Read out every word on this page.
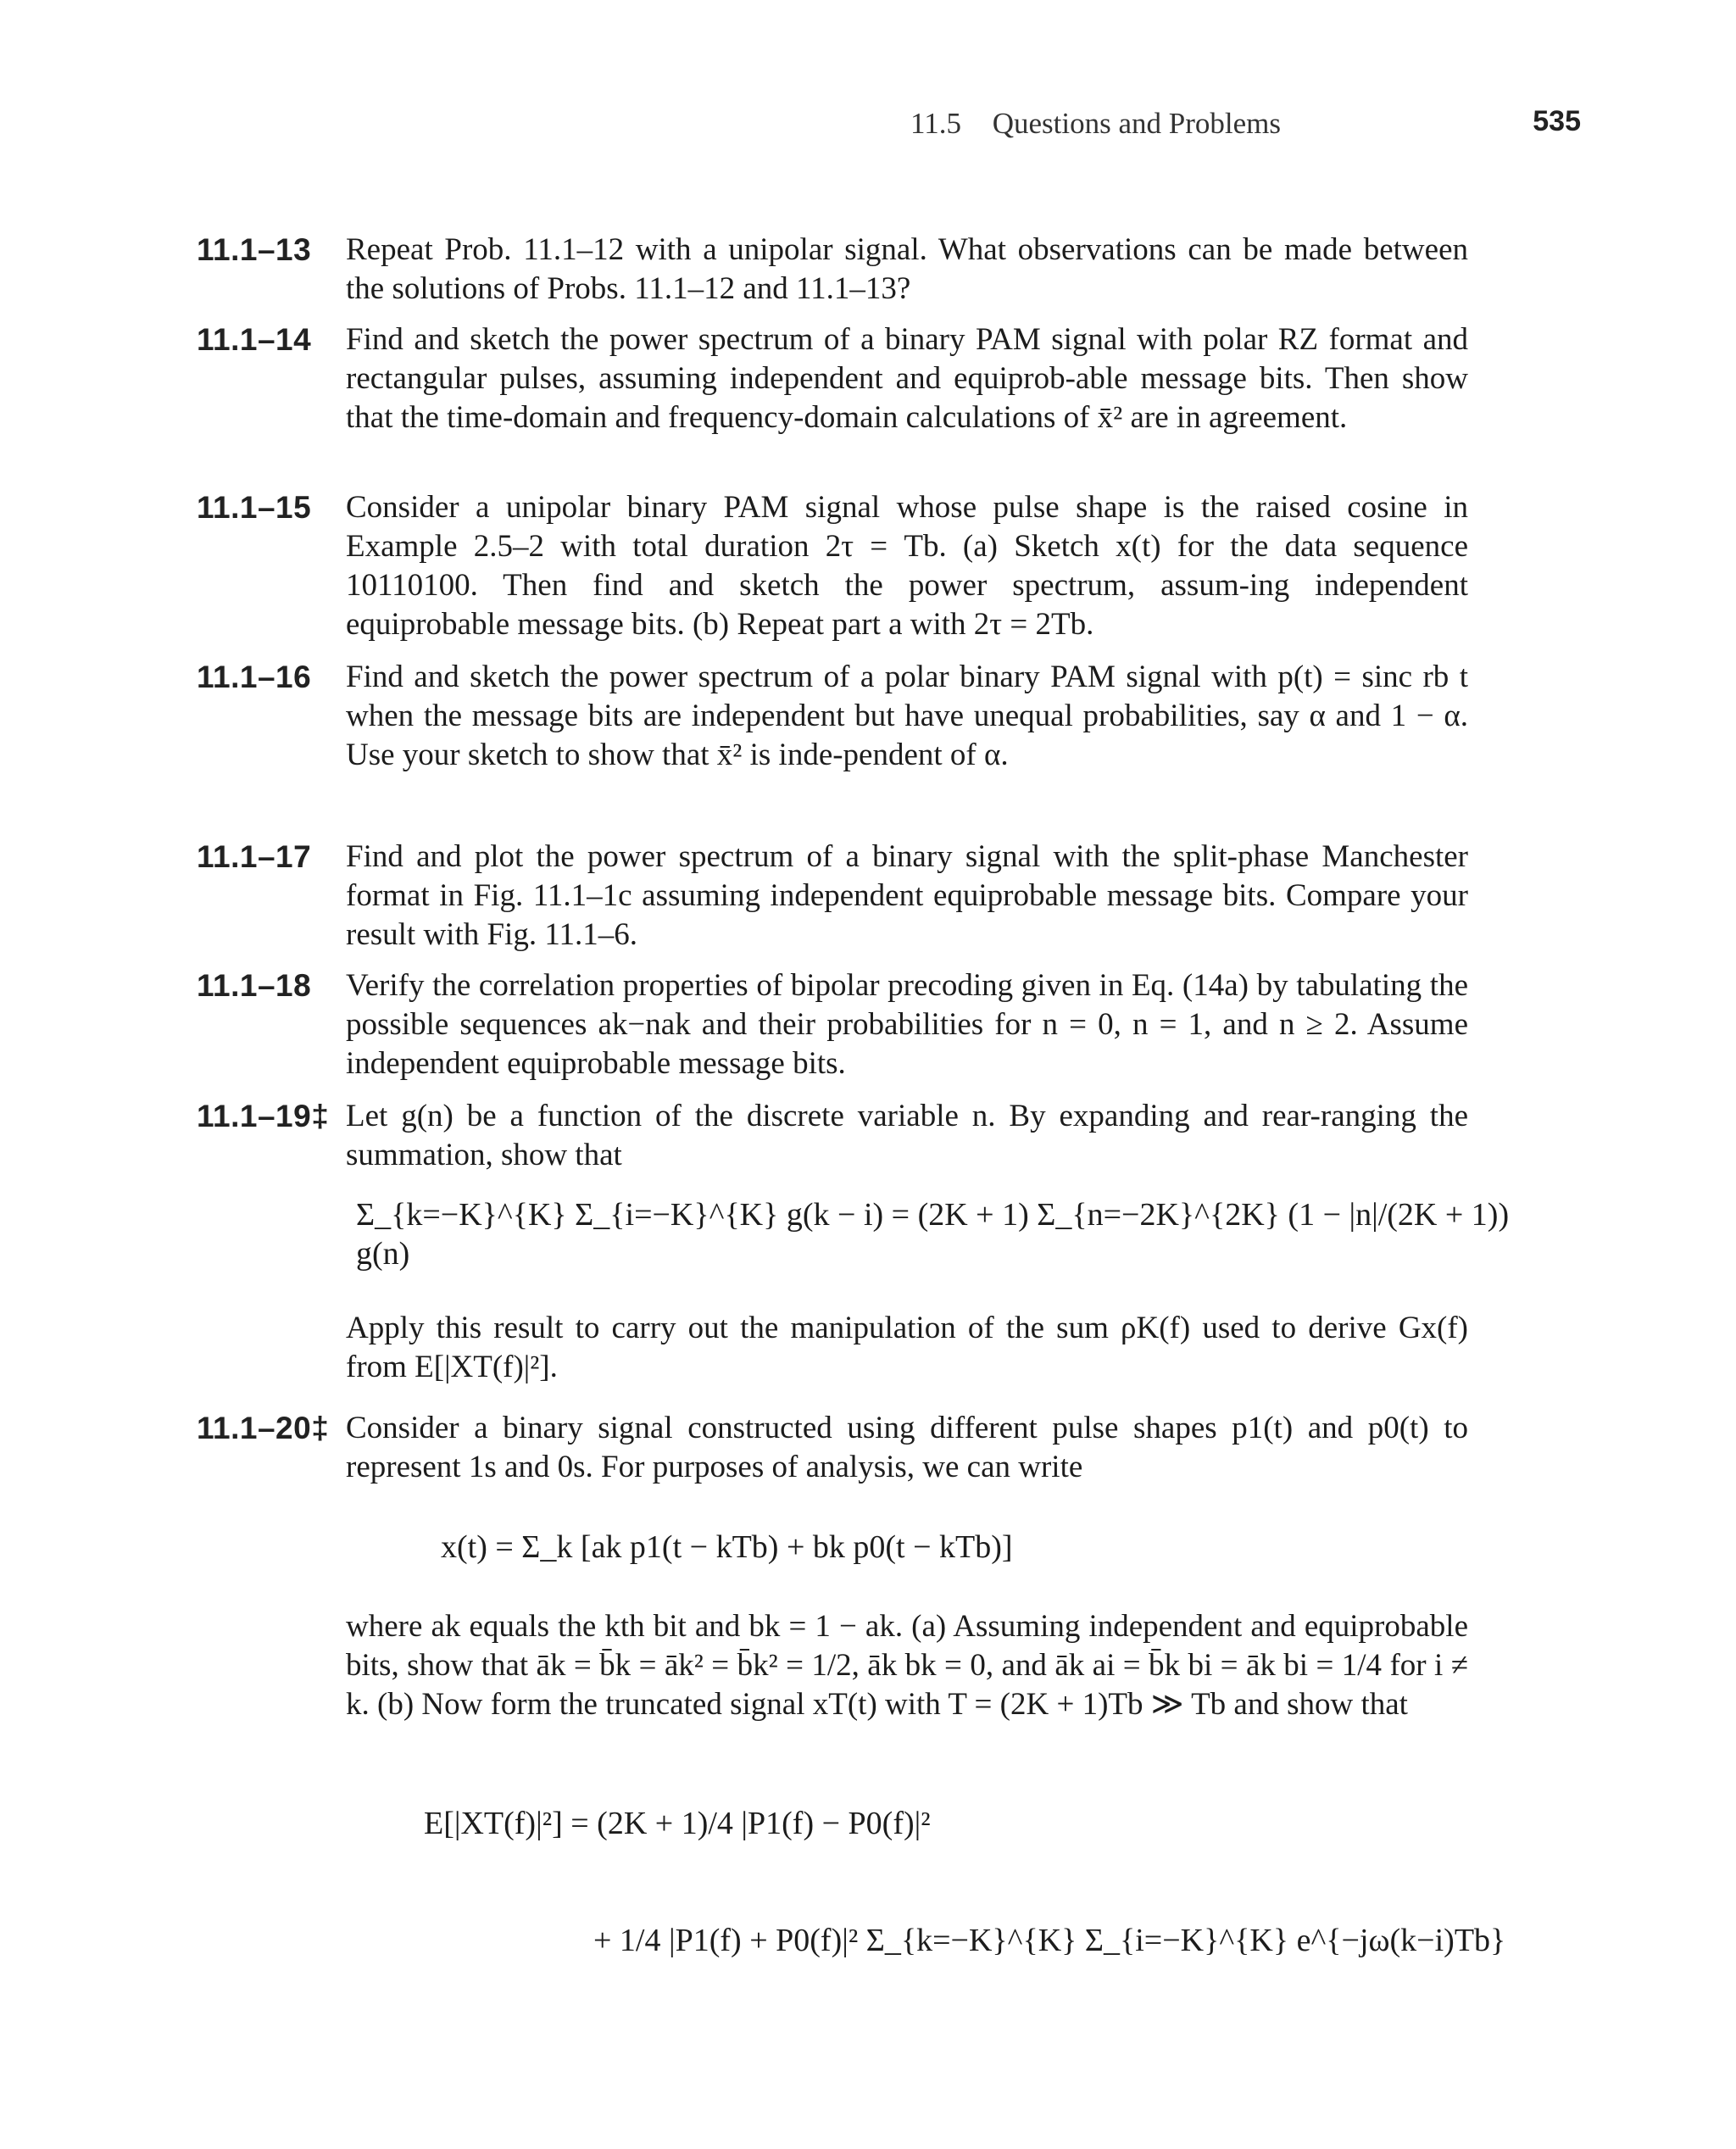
11.5 Questions and Problems	535
11.1–13 Repeat Prob. 11.1–12 with a unipolar signal. What observations can be made between the solutions of Probs. 11.1–12 and 11.1–13?
11.1–14 Find and sketch the power spectrum of a binary PAM signal with polar RZ format and rectangular pulses, assuming independent and equiprob-able message bits. Then show that the time-domain and frequency-domain calculations of x̄² are in agreement.
11.1–15 Consider a unipolar binary PAM signal whose pulse shape is the raised cosine in Example 2.5–2 with total duration 2τ = Tb. (a) Sketch x(t) for the data sequence 10110100. Then find and sketch the power spectrum, assum-ing independent equiprobable message bits. (b) Repeat part a with 2τ = 2Tb.
11.1–16 Find and sketch the power spectrum of a polar binary PAM signal with p(t) = sinc rb t when the message bits are independent but have unequal probabilities, say α and 1 − α. Use your sketch to show that x̄² is inde-pendent of α.
11.1–17 Find and plot the power spectrum of a binary signal with the split-phase Manchester format in Fig. 11.1–1c assuming independent equiprobable message bits. Compare your result with Fig. 11.1–6.
11.1–18 Verify the correlation properties of bipolar precoding given in Eq. (14a) by tabulating the possible sequences ak−nak and their probabilities for n = 0, n = 1, and n ≥ 2. Assume independent equiprobable message bits.
11.1–19‡ Let g(n) be a function of the discrete variable n. By expanding and rear-ranging the summation, show that
Σ_{k=−K}^{K} Σ_{i=−K}^{K} g(k − i) = (2K + 1) Σ_{n=−2K}^{2K} (1 − |n|/(2K + 1)) g(n)
Apply this result to carry out the manipulation of the sum ρK(f) used to derive Gx(f) from E[|XT(f)|²].
11.1–20‡ Consider a binary signal constructed using different pulse shapes p1(t) and p0(t) to represent 1s and 0s. For purposes of analysis, we can write
x(t) = Σ_k [ak p1(t − kTb) + bk p0(t − kTb)]
where ak equals the kth bit and bk = 1 − ak. (a) Assuming independent and equiprobable bits, show that āk = b̄k = āk² = b̄k² = 1/2, āk bk = 0, and āk ai = b̄k bi = āk bi = 1/4 for i ≠ k. (b) Now form the truncated signal xT(t) with T = (2K + 1)Tb ≫ Tb and show that
E[|XT(f)|²] = (2K + 1)/4 |P1(f) − P0(f)|²
+ 1/4 |P1(f) + P0(f)|² Σ_{k=−K}^{K} Σ_{i=−K}^{K} e^{−jω(k−i)Tb}
